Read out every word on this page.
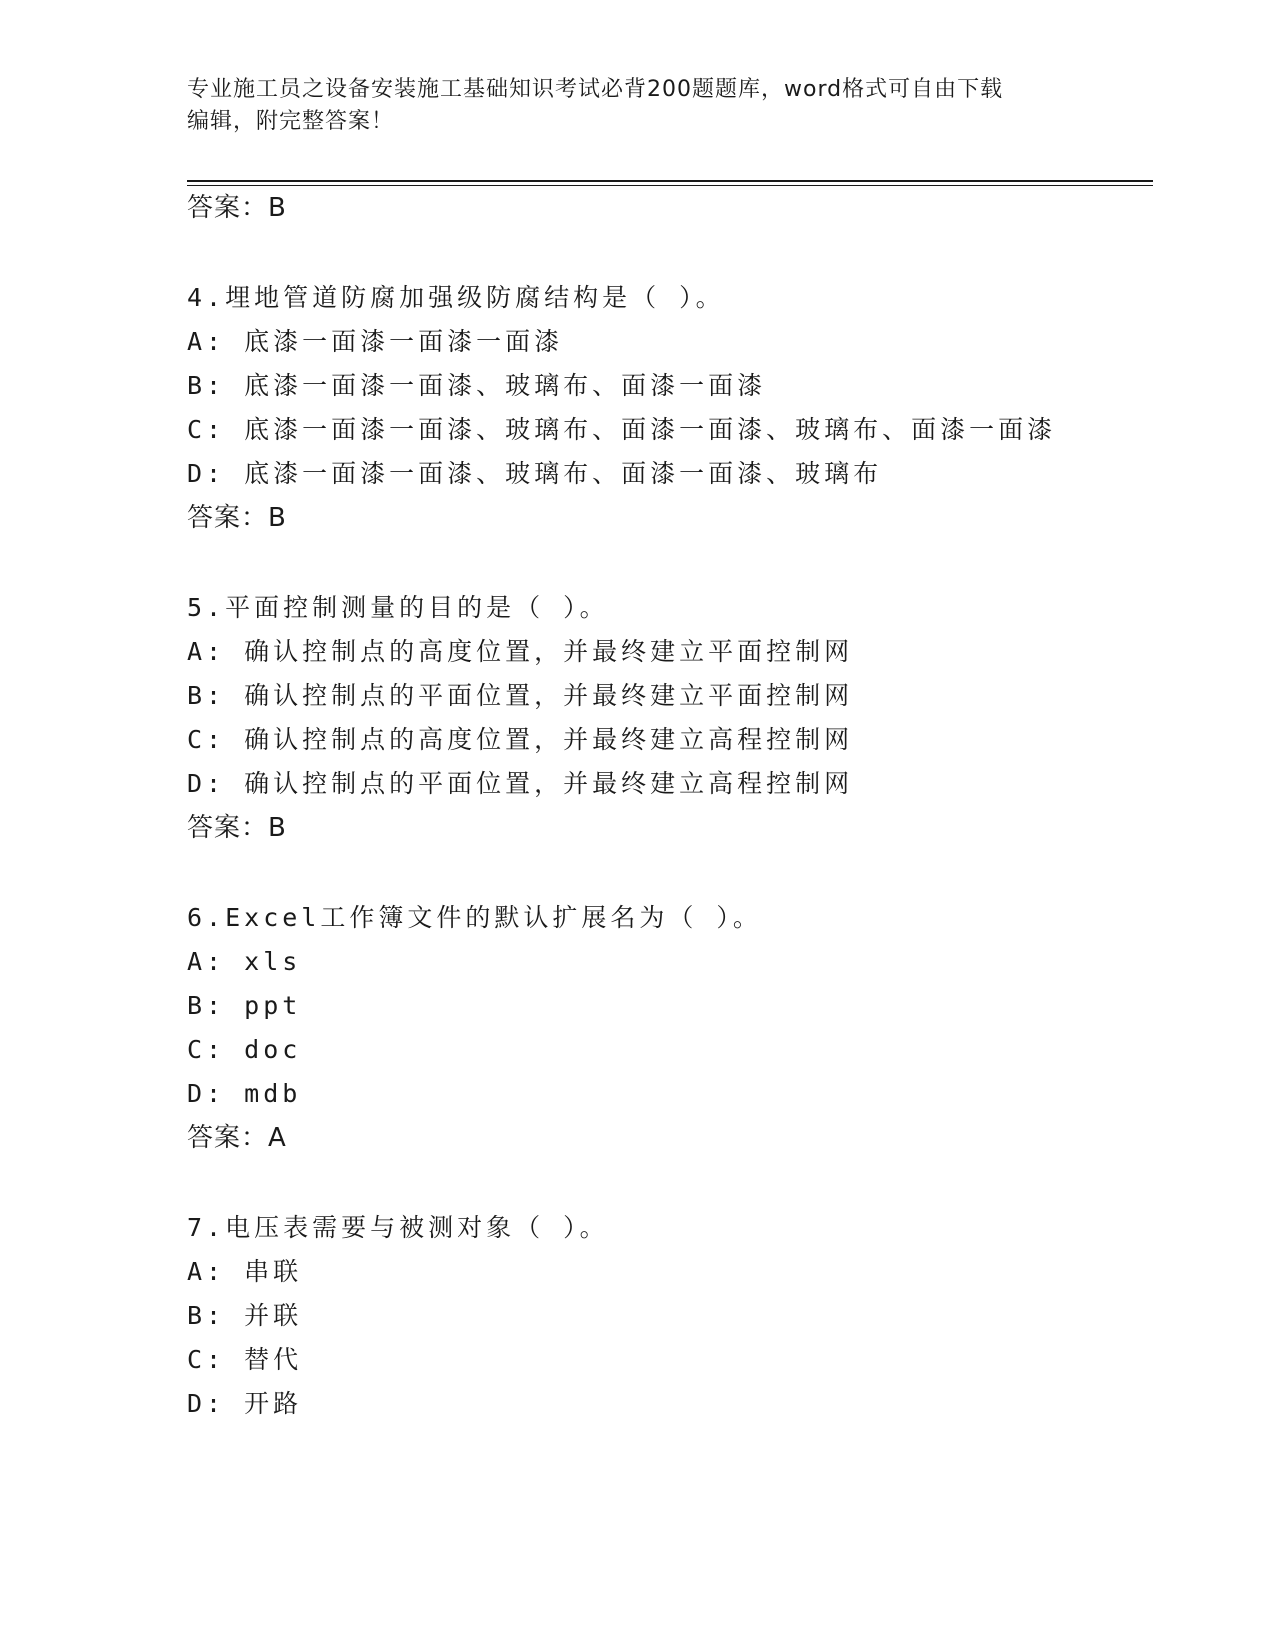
专业施工员之设备安装施工基础知识考试必背200题题库，word格式可自由下载
编辑，附完整答案！
答案：B
4.埋地管道防腐加强级防腐结构是（ ）。
A: 底漆一面漆一面漆一面漆
B: 底漆一面漆一面漆、玻璃布、面漆一面漆
C: 底漆一面漆一面漆、玻璃布、面漆一面漆、玻璃布、面漆一面漆
D: 底漆一面漆一面漆、玻璃布、面漆一面漆、玻璃布
答案：B
5.平面控制测量的目的是（ ）。
A: 确认控制点的高度位置，并最终建立平面控制网
B: 确认控制点的平面位置，并最终建立平面控制网
C: 确认控制点的高度位置，并最终建立高程控制网
D: 确认控制点的平面位置，并最终建立高程控制网
答案：B
6.Excel工作簿文件的默认扩展名为（ ）。
A: xls
B: ppt
C: doc
D: mdb
答案：A
7.电压表需要与被测对象（ ）。
A: 串联
B: 并联
C: 替代
D: 开路
